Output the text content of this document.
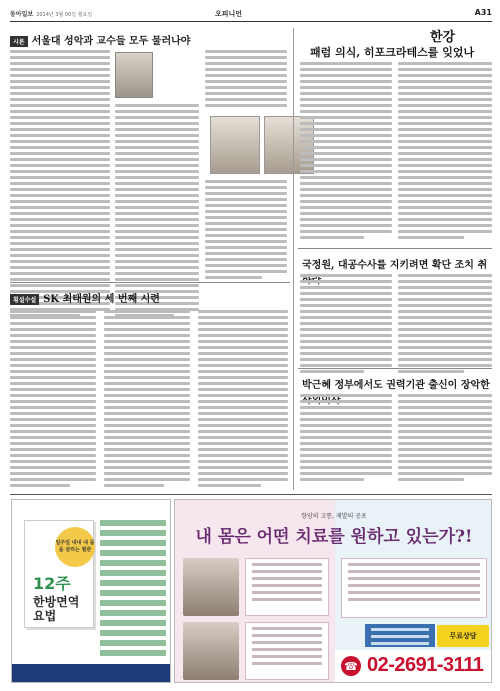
동아일보 2014년 3월 00일 월요일	오피니언	A31
시론 서울대 성악과 교수들 모두 물러나야

횡설수설 SK 최태원의 세 번째 시련
한강
패럼 의식, 히포크라테스를 잊었나
국정원, 대공수사를 지키려면 확단 조치 취
박근혜 정부에서도 권력기관 출신이 장악한
일주일 내내 내 몸을 살리는 혈관
12주
한방면역 요법
항암의 고통, 재발의 공포
내 몸은 어떤 치료를 원하고 있는가?!
무료상담
☎ 02-2691-3111
